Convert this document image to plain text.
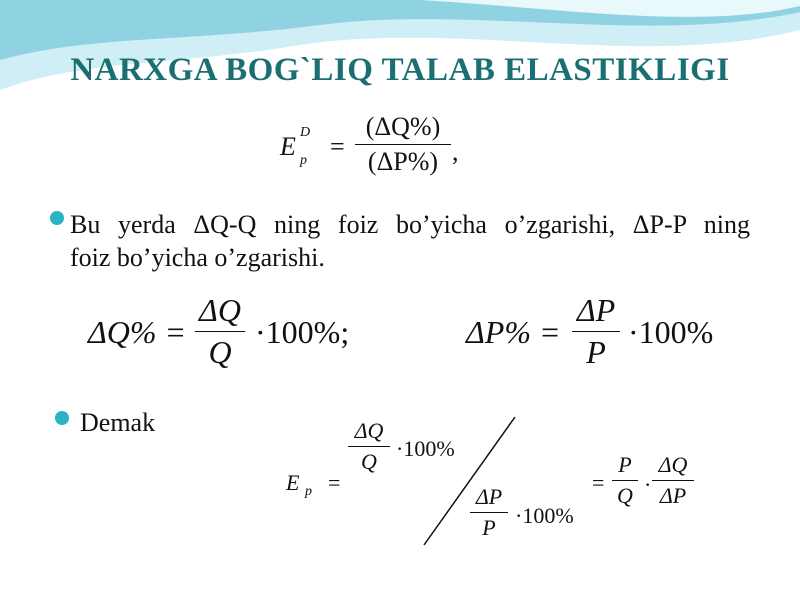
NARXGA BOG`LIQ TALAB ELASTIKLIGI
E D
p =
(ΔQ%)
(ΔP%) ,
Bu yerda ΔQ-Q ning foiz bo’yicha o’zgarishi, ΔP-P ning
foiz bo’yicha o’zgarishi.
ΔQ% =
ΔQ
Q
·100%;	ΔP% =
ΔP
P
·100%
Demak
E p =
ΔQ
Q
·100%
ΔP
P ·100%
=
P
Q ·
ΔQ
ΔP
